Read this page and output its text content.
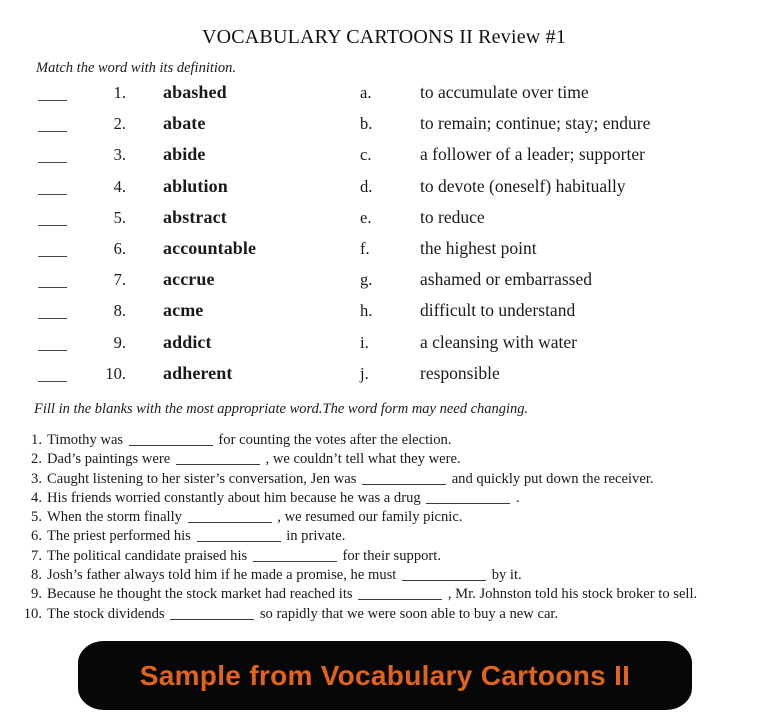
VOCABULARY CARTOONS II Review #1
Match the word with its definition.
1. abashed	a.	to accumulate over time
2. abate	b.	to remain; continue; stay; endure
3. abide	c.	a follower of a leader; supporter
4. ablution	d.	to devote (oneself) habitually
5. abstract	e.	to reduce
6. accountable	f.	the highest point
7. accrue	g.	ashamed or embarrassed
8. acme	h.	difficult to understand
9. addict	i.	a cleansing with water
10. adherent	j.	responsible
Fill in the blanks with the most appropriate word.The word form may need changing.
1. Timothy was	for counting the votes after the election.
2. Dad’s paintings were	, we couldn’t tell what they were.
3. Caught listening to her sister’s conversation, Jen was	and quickly put down the receiver.
4. His friends worried constantly about him because he was a drug	.
5. When the storm finally	, we resumed our family picnic.
6. The priest performed his	in private.
7. The political candidate praised his	for their support.
8. Josh’s father always told him if he made a promise, he must	by it.
9. Because he thought the stock market had reached its	, Mr. Johnston told his stock broker to sell.
10. The stock dividends	so rapidly that we were soon able to buy a new car.
Sample from Vocabulary Cartoons II
